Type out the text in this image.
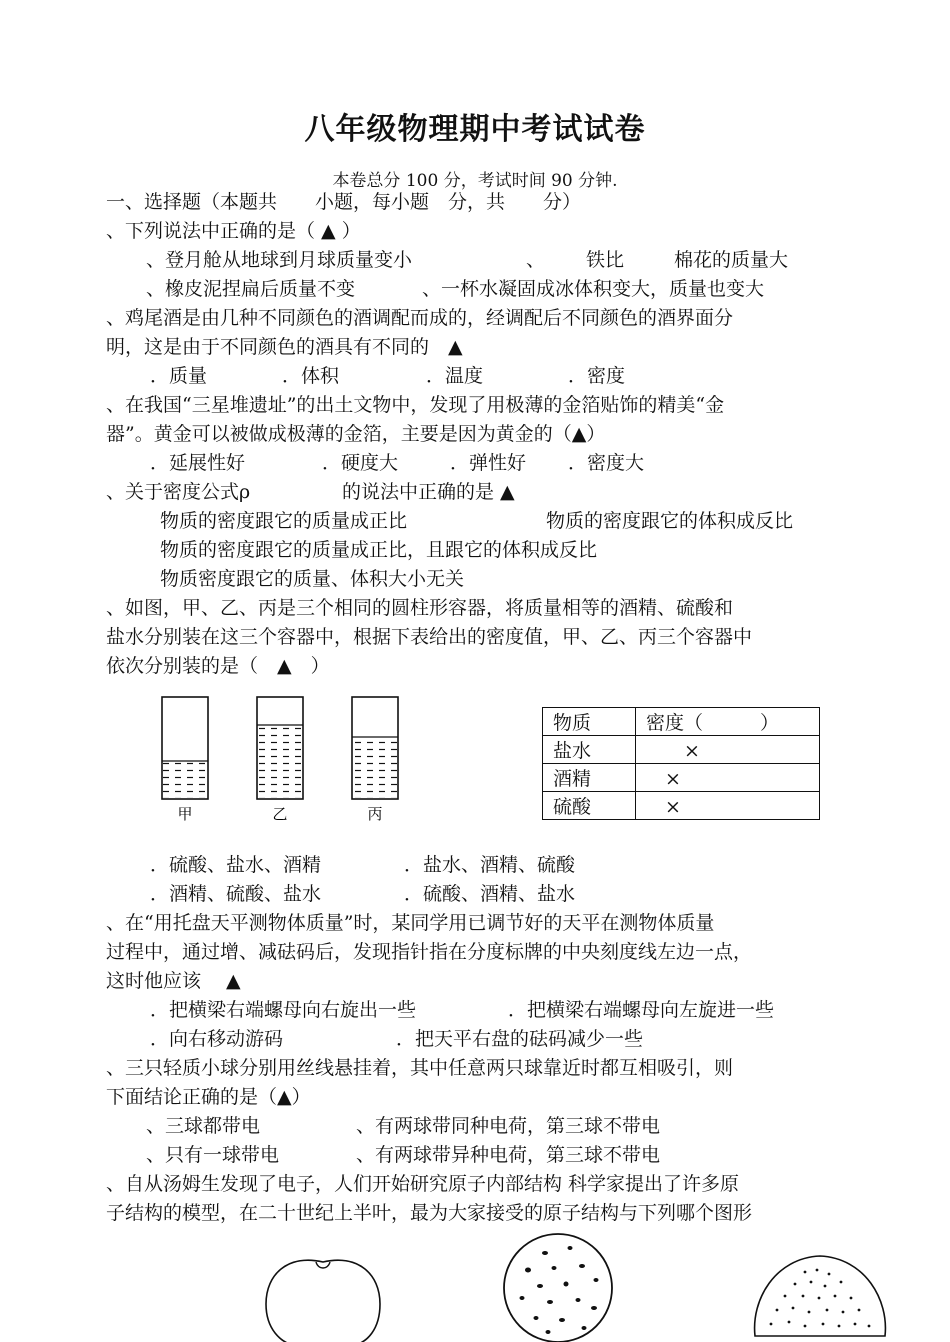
八年级物理期中考试试卷
本卷总分 100 分，考试时间 90 分钟.
一、选择题（本题共　　小题，每小题　分，共　　分）
、下列说法中正确的是（ ▲ ）
、登月舱从地球到月球质量变小	、 铁比	棉花的质量大
、橡皮泥捏扁后质量不变	、一杯水凝固成冰体积变大，质量也变大
、鸡尾酒是由几种不同颜色的酒调配而成的，经调配后不同颜色的酒界面分
明，这是由于不同颜色的酒具有不同的　▲
．质量	．体积	．温度	．密度
、在我国“三星堆遗址”的出土文物中，发现了用极薄的金箔贴饰的精美“金
器”。黄金可以被做成极薄的金箔，主要是因为黄金的（▲）
．延展性好	．硬度大	．弹性好 ．密度大
、关于密度公式ρ	的说法中正确的是 ▲
物质的密度跟它的质量成正比	物质的密度跟它的体积成反比
物质的密度跟它的质量成正比，且跟它的体积成反比
物质密度跟它的质量、体积大小无关
、如图，甲、乙、丙是三个相同的圆柱形容器，将质量相等的酒精、硫酸和
盐水分别装在这三个容器中，根据下表给出的密度值，甲、乙、丙三个容器中
依次分别装的是（　▲　）
甲	乙	丙
物质	密度（　　　）
盐水	　　×
酒精	　×
硫酸	　×
．硫酸、盐水、酒精	．盐水、酒精、硫酸
．酒精、硫酸、盐水	．硫酸、酒精、盐水
、在“用托盘天平测物体质量”时，某同学用已调节好的天平在测物体质量
过程中，通过增、减砝码后，发现指针指在分度标牌的中央刻度线左边一点，
这时他应该　 ▲
．把横梁右端螺母向右旋出一些	．把横梁右端螺母向左旋进一些
．向右移动游码	．把天平右盘的砝码减少一些
、三只轻质小球分别用丝线悬挂着，其中任意两只球靠近时都互相吸引，则
下面结论正确的是（▲）
、三球都带电	、有两球带同种电荷，第三球不带电
、只有一球带电	、有两球带异种电荷，第三球不带电
、自从汤姆生发现了电子，人们开始研究原子内部结构 科学家提出了许多原
子结构的模型，在二十世纪上半叶，最为大家接受的原子结构与下列哪个图形
